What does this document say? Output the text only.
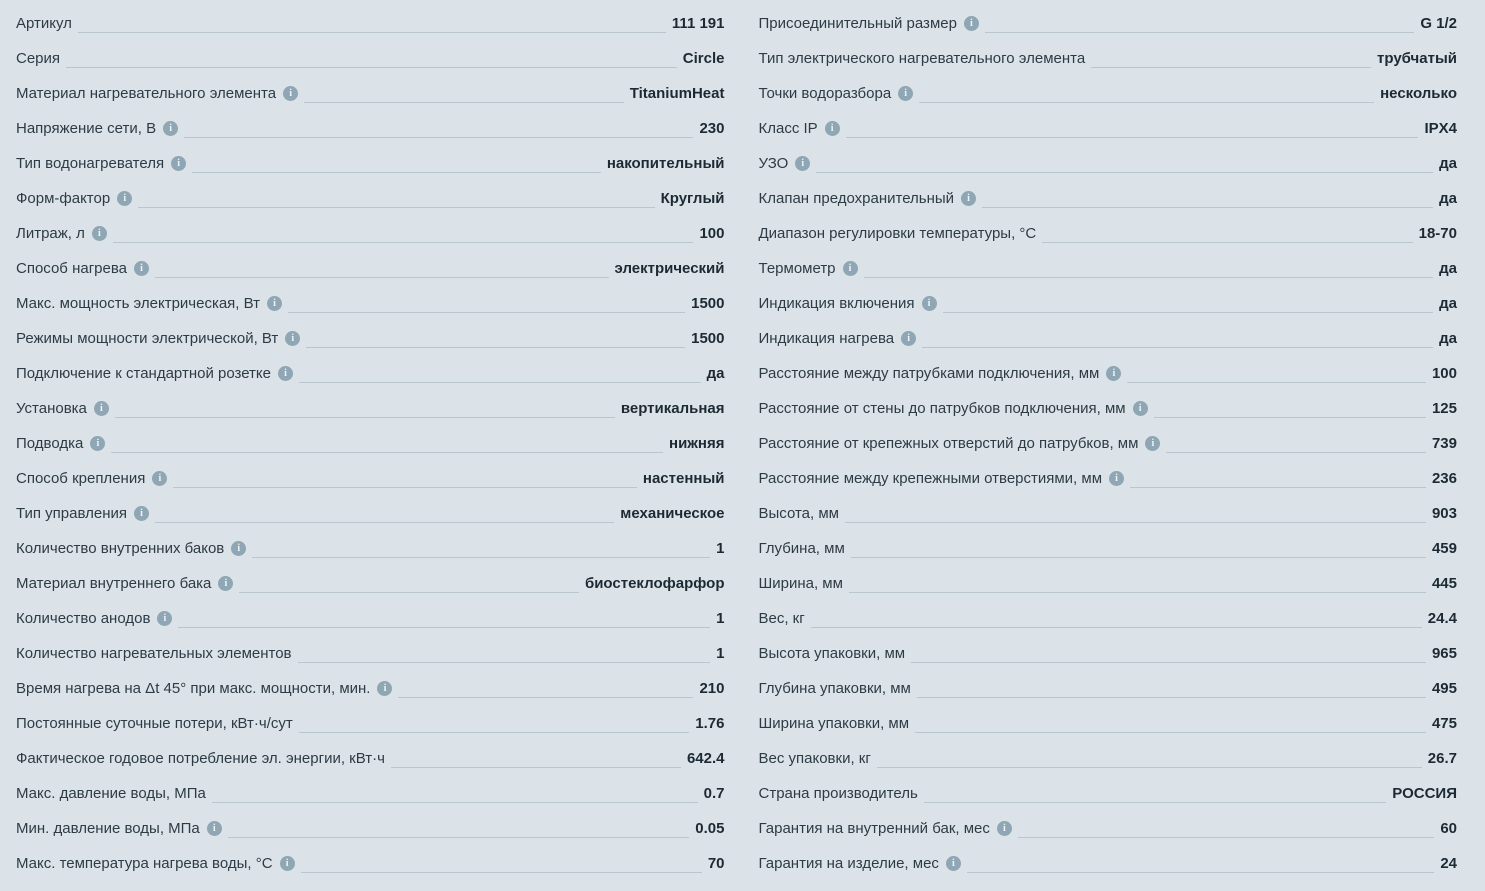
Артикул	111 191
Серия	Circle
Материал нагревательного элемента	i	TitaniumHeat
Напряжение сети, В	i	230
Тип водонагревателя	i	накопительный
Форм-фактор	i	Круглый
Литраж, л	i	100
Способ нагрева	i	электрический
Макс. мощность электрическая, Вт	i	1500
Режимы мощности электрической, Вт	i	1500
Подключение к стандартной розетке	i	да
Установка	i	вертикальная
Подводка	i	нижняя
Способ крепления	i	настенный
Тип управления	i	механическое
Количество внутренних баков	i	1
Материал внутреннего бака	i	биостеклофарфор
Количество анодов	i	1
Количество нагревательных элементов	1
Время нагрева на Δt 45° при макс. мощности, мин.	i	210
Постоянные суточные потери, кВт·ч/сут	1.76
Фактическое годовое потребление эл. энергии, кВт·ч	642.4
Макс. давление воды, МПа	0.7
Мин. давление воды, МПа	i	0.05
Макс. температура нагрева воды, °С	i	70
Присоединительный размер	i	G 1/2
Тип электрического нагревательного элемента	трубчатый
Точки водоразбора	i	несколько
Класс IP	i	IPX4
УЗО	i	да
Клапан предохранительный	i	да
Диапазон регулировки температуры, °С	18-70
Термометр	i	да
Индикация включения	i	да
Индикация нагрева	i	да
Расстояние между патрубками подключения, мм	i	100
Расстояние от стены до патрубков подключения, мм	i	125
Расстояние от крепежных отверстий до патрубков, мм	i	739
Расстояние между крепежными отверстиями, мм	i	236
Высота, мм	903
Глубина, мм	459
Ширина, мм	445
Вес, кг	24.4
Высота упаковки, мм	965
Глубина упаковки, мм	495
Ширина упаковки, мм	475
Вес упаковки, кг	26.7
Страна производитель	РОССИЯ
Гарантия на внутренний бак, мес	i	60
Гарантия на изделие, мес	i	24
